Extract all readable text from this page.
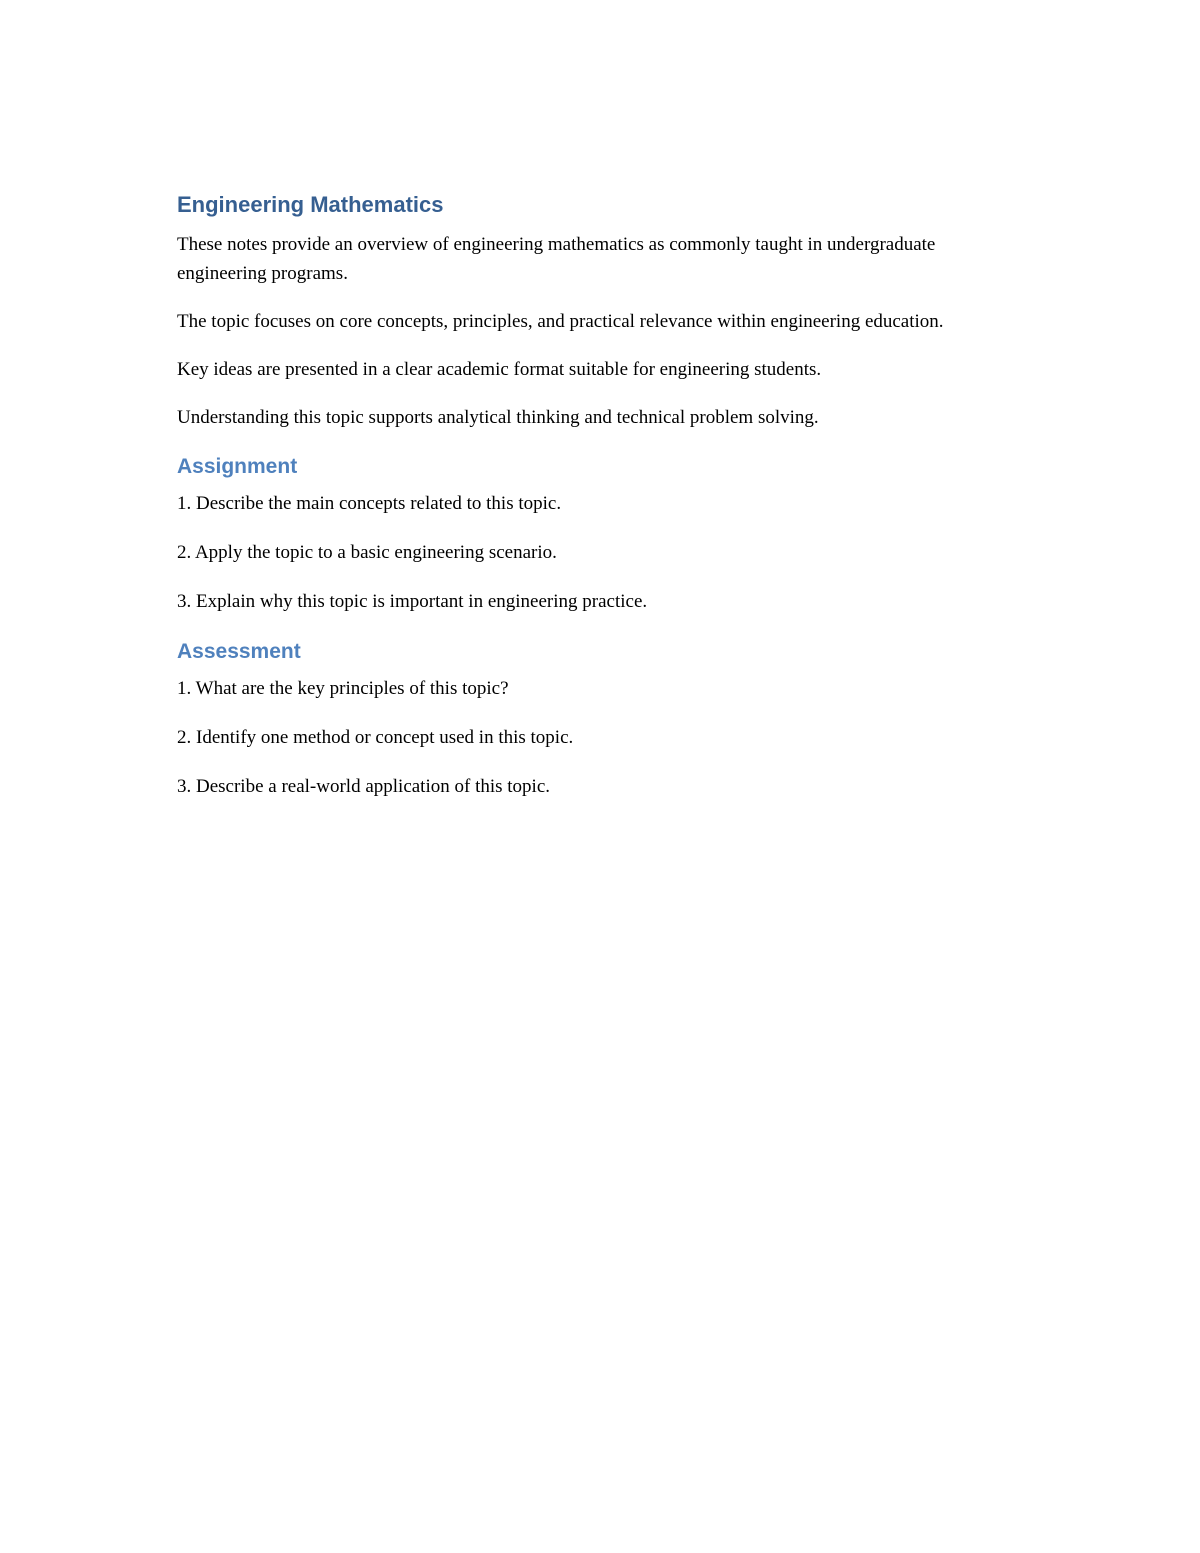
Engineering Mathematics

These notes provide an overview of engineering mathematics as commonly taught in undergraduate engineering programs.

The topic focuses on core concepts, principles, and practical relevance within engineering education.

Key ideas are presented in a clear academic format suitable for engineering students.

Understanding this topic supports analytical thinking and technical problem solving.

Assignment

1. Describe the main concepts related to this topic.

2. Apply the topic to a basic engineering scenario.

3. Explain why this topic is important in engineering practice.

Assessment

1. What are the key principles of this topic?

2. Identify one method or concept used in this topic.

3. Describe a real-world application of this topic.
